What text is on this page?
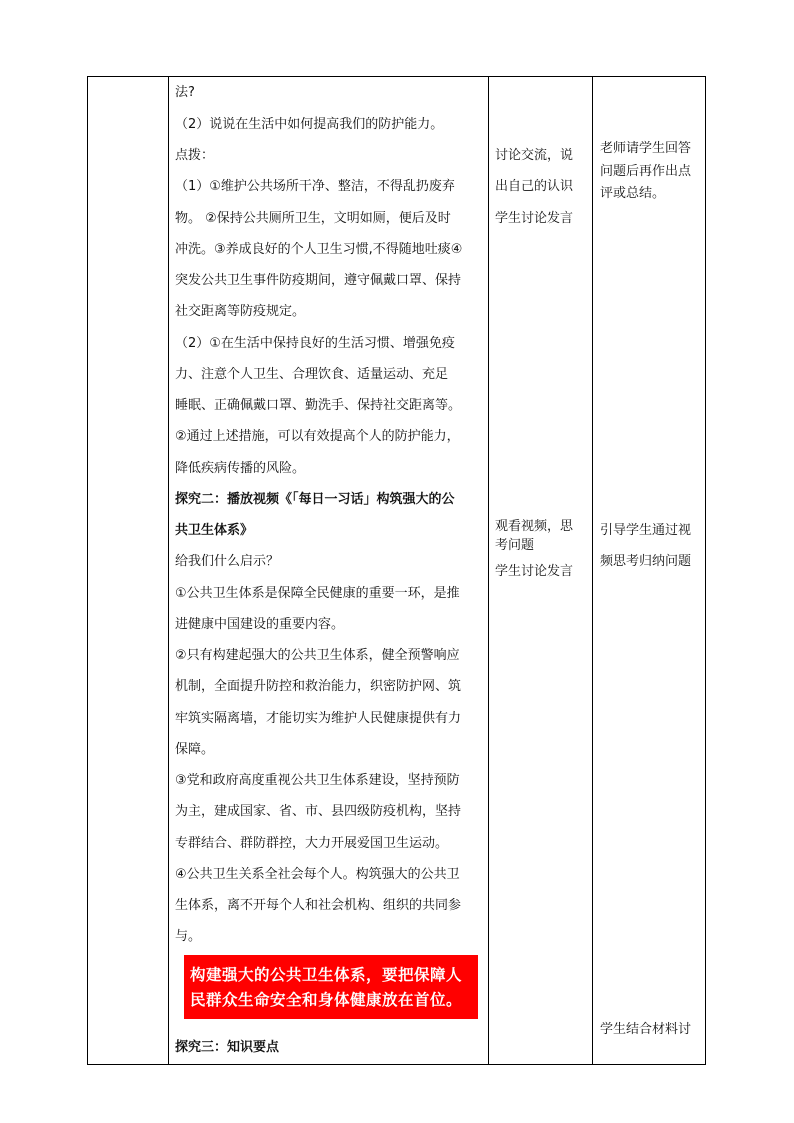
法?
（2）说说在生活中如何提高我们的防护能力。
点拨：
（1）①维护公共场所干净、整洁，不得乱扔废弃
物。 ②保持公共厕所卫生，文明如厕，便后及时
冲洗。③养成良好的个人卫生习惯,不得随地吐痰④
突发公共卫生事件防疫期间，遵守佩戴口罩、保持
社交距离等防疫规定。
（2）①在生活中保持良好的生活习惯、增强免疫
力、注意个人卫生、合理饮食、适量运动、充足
睡眠、正确佩戴口罩、勤洗手、保持社交距离等。
②通过上述措施，可以有效提高个人的防护能力，
降低疾病传播的风险。
探究二：播放视频《「每日一习话」构筑强大的公
共卫生体系》
给我们什么启示？
①公共卫生体系是保障全民健康的重要一环，是推
进健康中国建设的重要内容。
②只有构建起强大的公共卫生体系，健全预警响应
机制，全面提升防控和救治能力，织密防护网、筑
牢筑实隔离墙，才能切实为维护人民健康提供有力
保障。
③党和政府高度重视公共卫生体系建设，坚持预防
为主，建成国家、省、市、县四级防疫机构，坚持
专群结合、群防群控，大力开展爱国卫生运动。
④公共卫生关系全社会每个人。构筑强大的公共卫
生体系，离不开每个人和社会机构、组织的共同参
与。
构建强大的公共卫生体系，要把保障人
民群众生命安全和身体健康放在首位。
探究三：知识要点
讨论交流，说
出自己的认识
学生讨论发言
观看视频，思
考问题
学生讨论发言
老师请学生回答
问题后再作出点
评或总结。
引导学生通过视
频思考归纳问题
学生结合材料讨
